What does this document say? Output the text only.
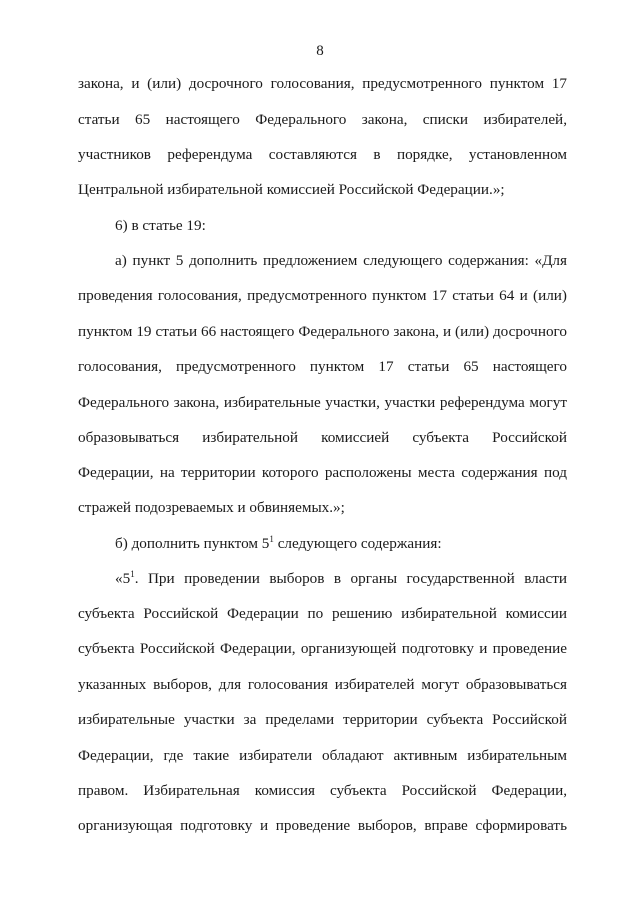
8
закона, и (или) досрочного голосования, предусмотренного пунктом 17
статьи 65 настоящего Федерального закона, списки избирателей,
участников референдума составляются в порядке, установленном
Центральной избирательной комиссией Российской Федерации.»;
6) в статье 19:
а) пункт 5 дополнить предложением следующего содержания: «Для
проведения голосования, предусмотренного пунктом 17 статьи 64 и (или)
пунктом 19 статьи 66 настоящего Федерального закона, и (или) досрочного
голосования, предусмотренного пунктом 17 статьи 65 настоящего
Федерального закона, избирательные участки, участки референдума могут
образовываться избирательной комиссией субъекта Российской
Федерации, на территории которого расположены места содержания под
стражей подозреваемых и обвиняемых.»;
б) дополнить пунктом $5^1$ следующего содержания:
«$5^1$. При проведении выборов в органы государственной власти
субъекта Российской Федерации по решению избирательной комиссии
субъекта Российской Федерации, организующей подготовку и проведение
указанных выборов, для голосования избирателей могут образовываться
избирательные участки за пределами территории субъекта Российской
Федерации, где такие избиратели обладают активным избирательным
правом. Избирательная комиссия субъекта Российской Федерации,
организующая подготовку и проведение выборов, вправе сформировать
